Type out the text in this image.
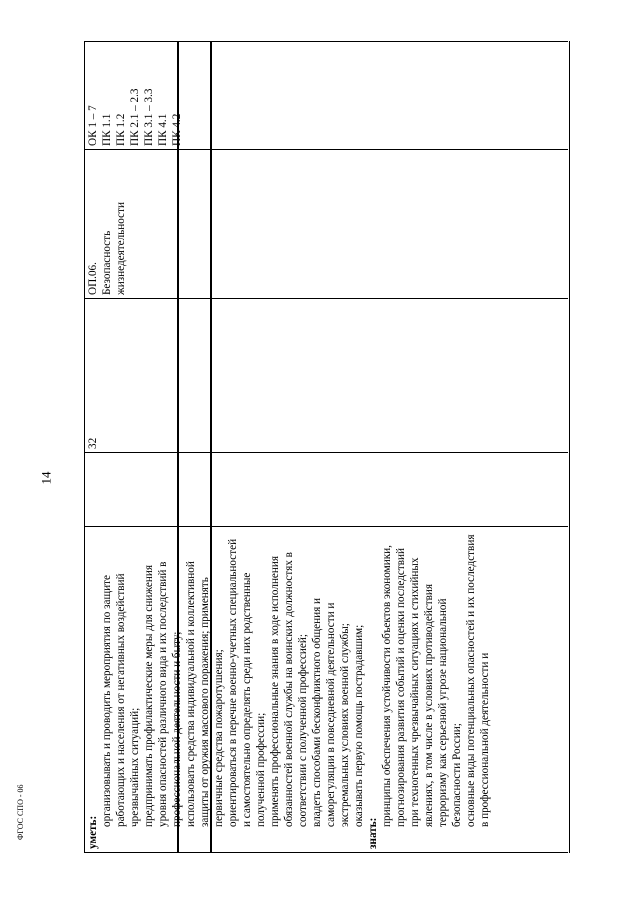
14
ФГОС СПО - 06	уметь:

организовывать и проводить мероприятия по защите работающих и населения от негативных воздействий чрезвычайных ситуаций; предпринимать профилактические меры для снижения уровня опасностей различного вида и их последствий в профессиональной деятельности и быту; использовать средства индивидуальной и коллективной защиты от оружия массового поражения; применять первичные средства пожаротушения; ориентироваться в перечне военно-учетных специальностей и самостоятельно определять среди них родственные полученной профессии; применять профессиональные знания в ходе исполнения обязанностей военной службы на воинских должностях в соответствии с полученной профессией; владеть способами бесконфликтного общения и саморегуляции в повседневной деятельности и экстремальных условиях военной службы; оказывать первую помощь пострадавшим;

знать:

принципы обеспечения устойчивости объектов экономики, прогнозирования развития событий и оценки последствий при техногенных чрезвычайных ситуациях и стихийных явлениях, в том числе в условиях противодействия терроризму как серьезной угрозе национальной безопасности России; основные виды потенциальных опасностей и их последствия в профессиональной деятельности и

32

ОП.06. Безопасность жизнедеятельности

ОК 1 – 7 ПК 1.1 ПК 1.2 ПК 2.1 – 2.3 ПК 3.1 – 3.3 ПК 4.1 ПК 4.2
